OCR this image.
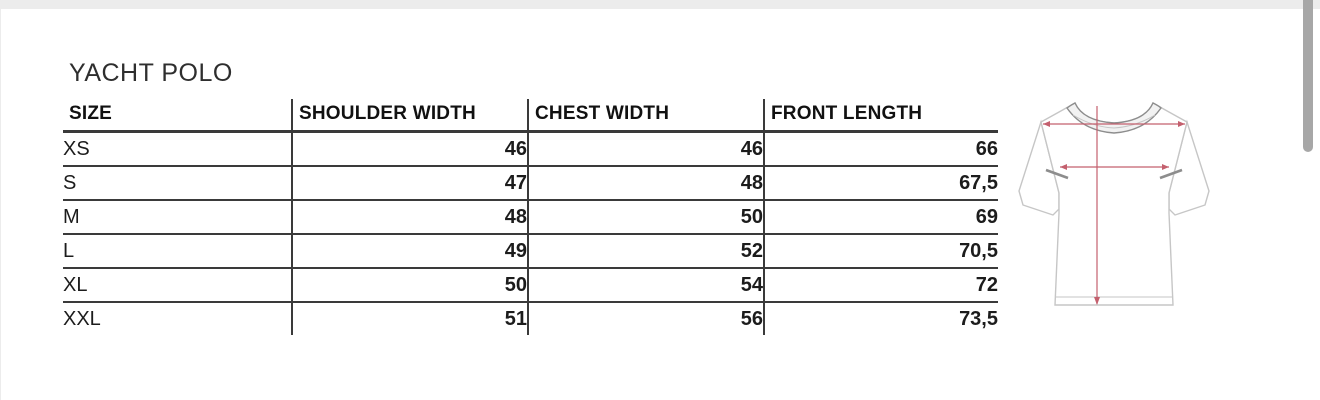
YACHT POLO
SIZE	SHOULDER WIDTH	CHEST WIDTH	FRONT LENGTH
XS	46	46	66
S	47	48	67,5
M	48	50	69
L	49	52	70,5
XL	50	54	72
XXL	51	56	73,5
